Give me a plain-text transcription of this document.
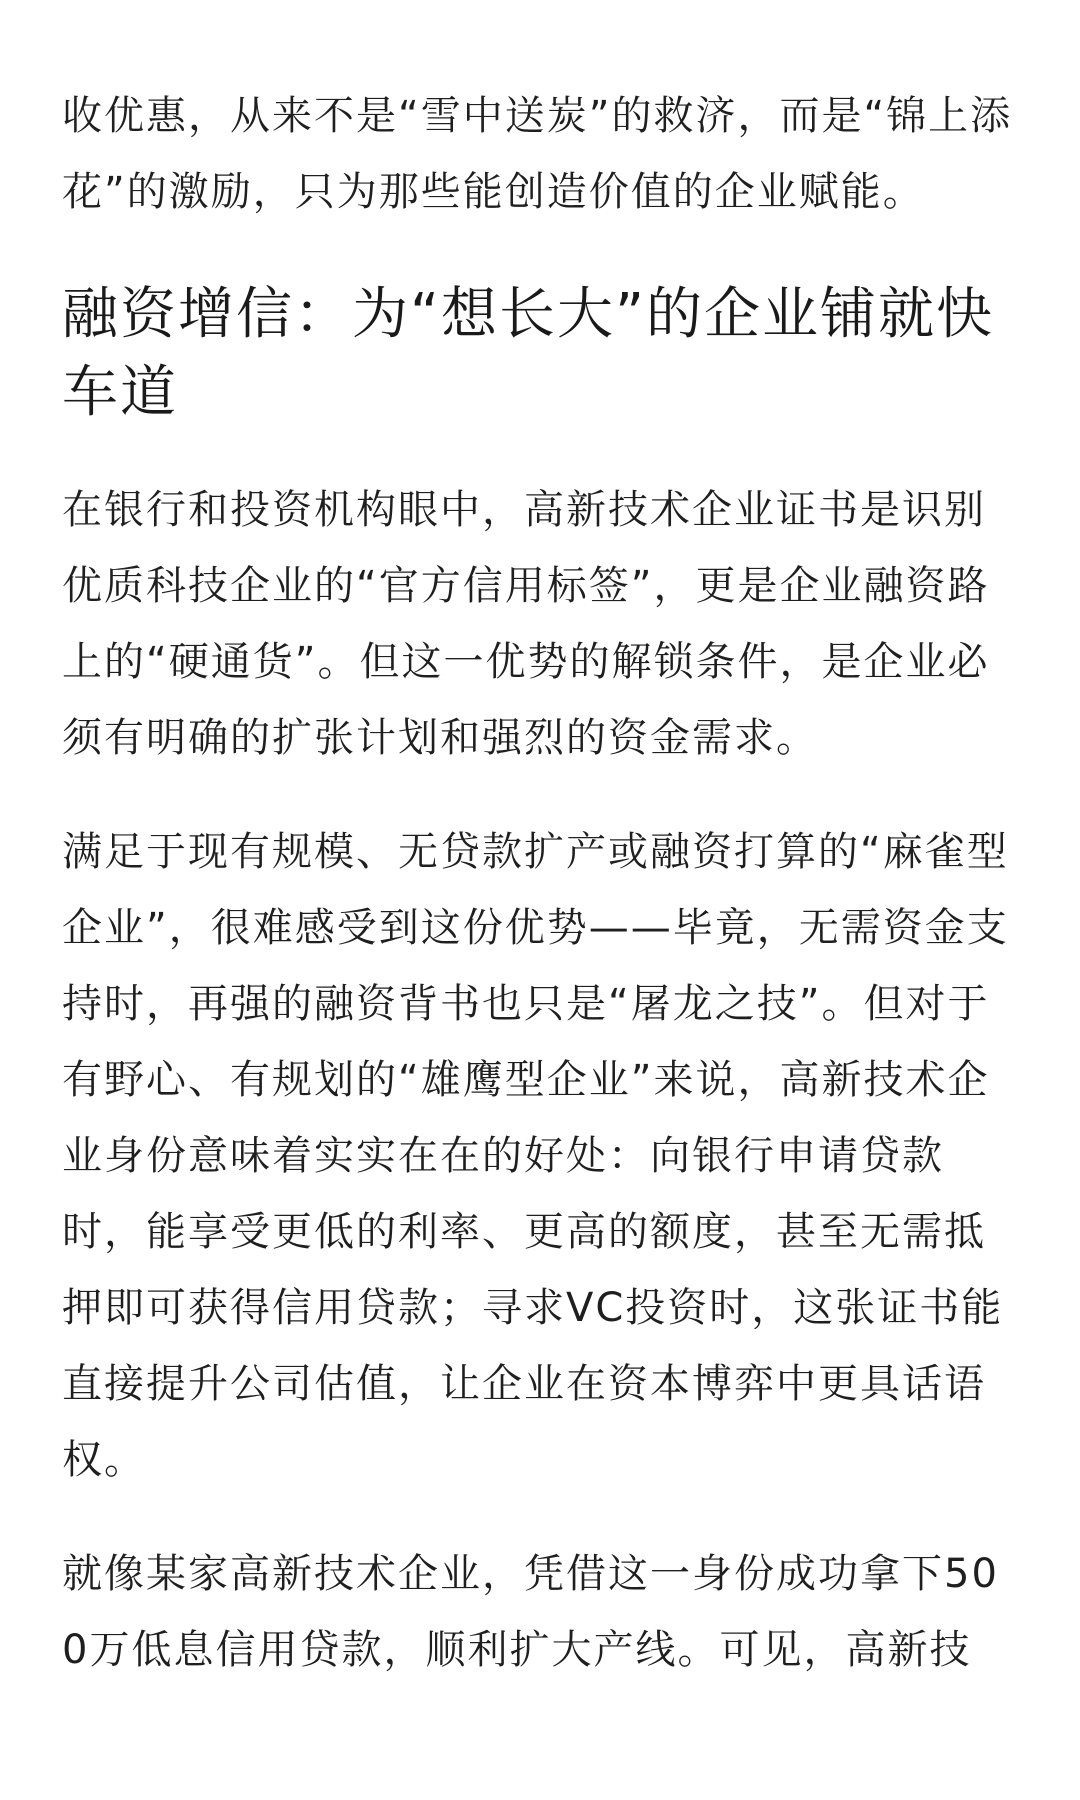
收优惠，从来不是“雪中送炭”的救济，而是“锦上添花”的激励，只为那些能创造价值的企业赋能。

融资增信：为“想长大”的企业铺就快车道

在银行和投资机构眼中，高新技术企业证书是识别优质科技企业的“官方信用标签”，更是企业融资路上的“硬通货”。但这一优势的解锁条件，是企业必须有明确的扩张计划和强烈的资金需求。

满足于现有规模、无贷款扩产或融资打算的“麻雀型企业”，很难感受到这份优势——毕竟，无需资金支持时，再强的融资背书也只是“屠龙之技”。但对于有野心、有规划的“雄鹰型企业”来说，高新技术企业身份意味着实实在在的好处：向银行申请贷款时，能享受更低的利率、更高的额度，甚至无需抵押即可获得信用贷款；寻求VC投资时，这张证书能直接提升公司估值，让企业在资本博弈中更具话语权。

就像某家高新技术企业，凭借这一身份成功拿下500万低息信用贷款，顺利扩大产线。可见，高新技
